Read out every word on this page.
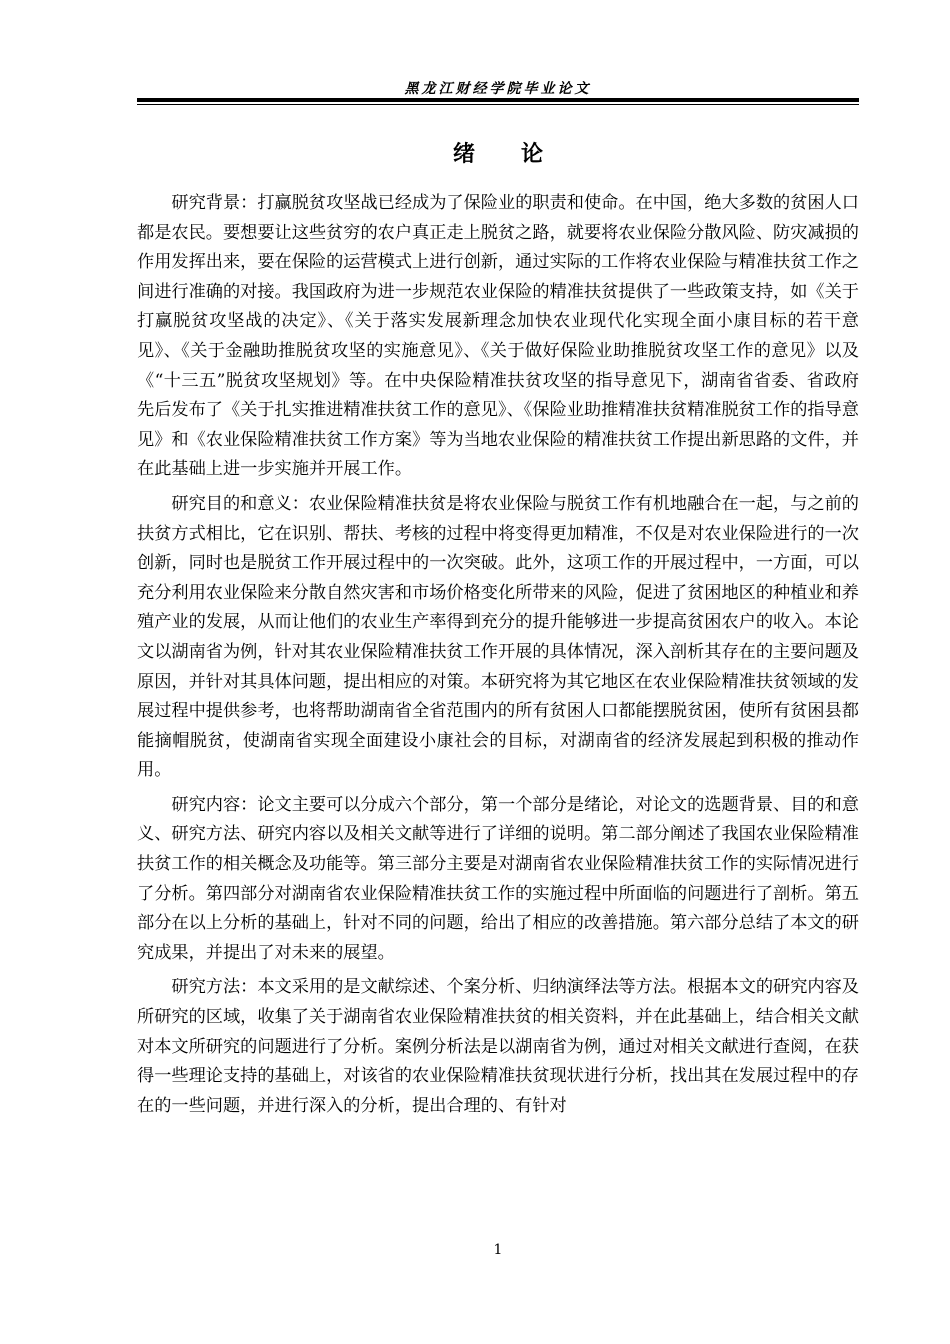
黑龙江财经学院毕业论文
绪论

研究背景：打赢脱贫攻坚战已经成为了保险业的职责和使命。在中国，绝大多数的贫困人口都是农民。要想要让这些贫穷的农户真正走上脱贫之路，就要将农业保险分散风险、防灾减损的作用发挥出来，要在保险的运营模式上进行创新，通过实际的工作将农业保险与精准扶贫工作之间进行准确的对接。我国政府为进一步规范农业保险的精准扶贫提供了一些政策支持，如《关于打赢脱贫攻坚战的决定》、《关于落实发展新理念加快农业现代化实现全面小康目标的若干意见》、《关于金融助推脱贫攻坚的实施意见》、《关于做好保险业助推脱贫攻坚工作的意见》以及《“十三五”脱贫攻坚规划》等。在中央保险精准扶贫攻坚的指导意见下，湖南省省委、省政府先后发布了《关于扎实推进精准扶贫工作的意见》、《保险业助推精准扶贫精准脱贫工作的指导意见》和《农业保险精准扶贫工作方案》等为当地农业保险的精准扶贫工作提出新思路的文件，并在此基础上进一步实施并开展工作。

研究目的和意义：农业保险精准扶贫是将农业保险与脱贫工作有机地融合在一起，与之前的扶贫方式相比，它在识别、帮扶、考核的过程中将变得更加精准，不仅是对农业保险进行的一次创新，同时也是脱贫工作开展过程中的一次突破。此外，这项工作的开展过程中，一方面，可以充分利用农业保险来分散自然灾害和市场价格变化所带来的风险，促进了贫困地区的种植业和养殖产业的发展，从而让他们的农业生产率得到充分的提升能够进一步提高贫困农户的收入。本论文以湖南省为例，针对其农业保险精准扶贫工作开展的具体情况，深入剖析其存在的主要问题及原因，并针对其具体问题，提出相应的对策。本研究将为其它地区在农业保险精准扶贫领域的发展过程中提供参考，也将帮助湖南省全省范围内的所有贫困人口都能摆脱贫困，使所有贫困县都能摘帽脱贫，使湖南省实现全面建设小康社会的目标，对湖南省的经济发展起到积极的推动作用。

研究内容：论文主要可以分成六个部分，第一个部分是绪论，对论文的选题背景、目的和意义、研究方法、研究内容以及相关文献等进行了详细的说明。第二部分阐述了我国农业保险精准扶贫工作的相关概念及功能等。第三部分主要是对湖南省农业保险精准扶贫工作的实际情况进行了分析。第四部分对湖南省农业保险精准扶贫工作的实施过程中所面临的问题进行了剖析。第五部分在以上分析的基础上，针对不同的问题，给出了相应的改善措施。第六部分总结了本文的研究成果，并提出了对未来的展望。

研究方法：本文采用的是文献综述、个案分析、归纳演绎法等方法。根据本文的研究内容及所研究的区域，收集了关于湖南省农业保险精准扶贫的相关资料，并在此基础上，结合相关文献对本文所研究的问题进行了分析。案例分析法是以湖南省为例，通过对相关文献进行查阅，在获得一些理论支持的基础上，对该省的农业保险精准扶贫现状进行分析，找出其在发展过程中的存在的一些问题，并进行深入的分析，提出合理的、有针对

1
